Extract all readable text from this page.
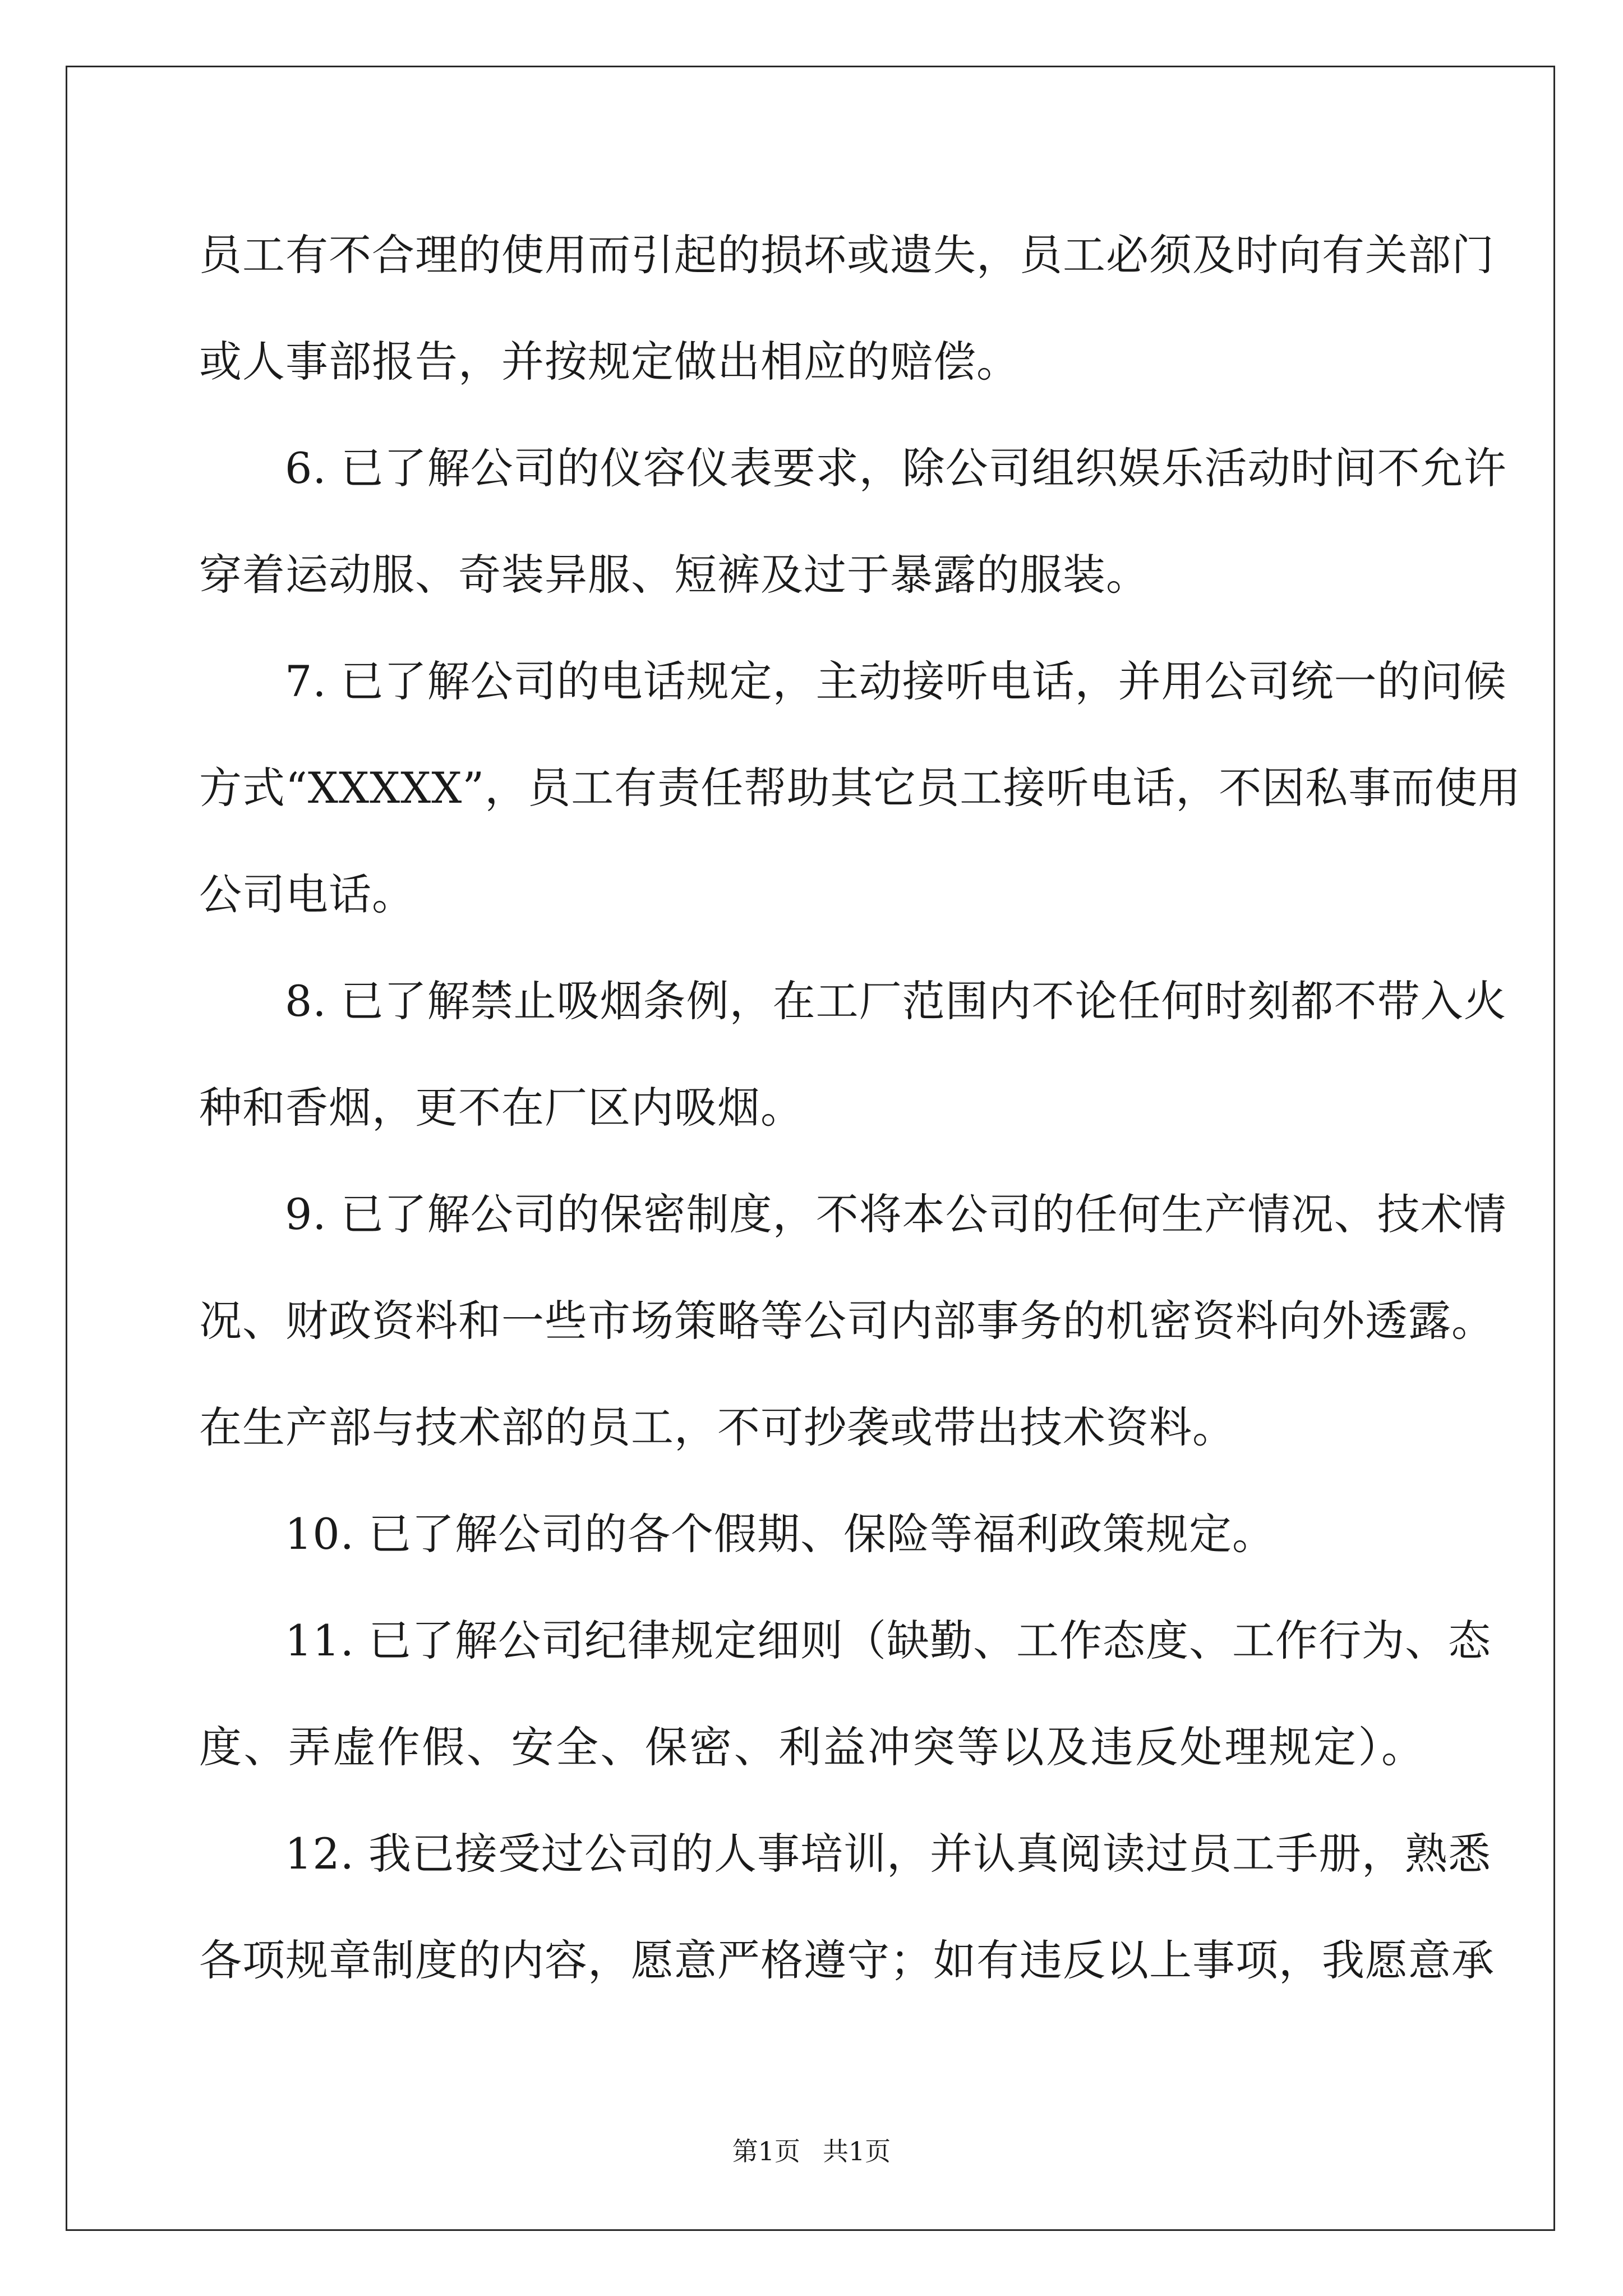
员工有不合理的使用而引起的损坏或遗失，员工必须及时向有关部门
或人事部报告，并按规定做出相应的赔偿。
6. 已了解公司的仪容仪表要求，除公司组织娱乐活动时间不允许
穿着运动服、奇装异服、短裤及过于暴露的服装。
7. 已了解公司的电话规定，主动接听电话，并用公司统一的问候
方式“XXXXX”，员工有责任帮助其它员工接听电话，不因私事而使用
公司电话。
8. 已了解禁止吸烟条例，在工厂范围内不论任何时刻都不带入火
种和香烟，更不在厂区内吸烟。
9. 已了解公司的保密制度，不将本公司的任何生产情况、技术情
况、财政资料和一些市场策略等公司内部事务的机密资料向外透露。
在生产部与技术部的员工，不可抄袭或带出技术资料。
10. 已了解公司的各个假期、保险等福利政策规定。
11. 已了解公司纪律规定细则（缺勤、工作态度、工作行为、态
度、弄虚作假、安全、保密、利益冲突等以及违反处理规定）。
12. 我已接受过公司的人事培训，并认真阅读过员工手册，熟悉
各项规章制度的内容，愿意严格遵守；如有违反以上事项，我愿意承
第1页 共1页
